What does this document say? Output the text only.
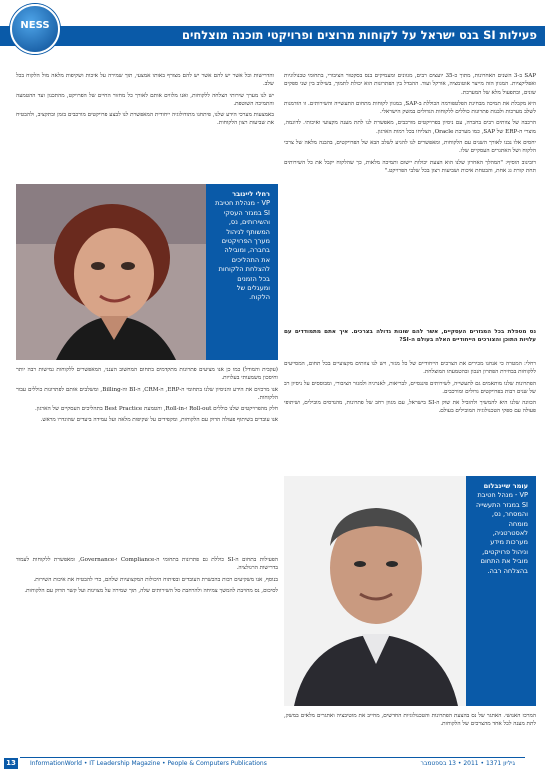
פעילות SI בנס ישראל על לקוחות מרוצים ופרויקטי תוכנה מוצלחים
NESS

SAP ב-3 השנים האחרונות, מתוך כ-35 יועצים רבים, מגוונים ומעמיקים בנס בסקטור הציבורי, בתחומי טכנולוגיות ואפליקציות. המגוון הזה מייצר אוטומציה, אורקל ועוד. ההבדל בין הפתרונות הוא יכולת לתמוך, בשילוב בין שני ספקים שונים, ובתפעול מלא של המערכת.

היא מקבלת את תמיכה מבחינת הפלטפורמה הכוללת ב-SAP, במגוון לקוחות מתחום התעשייה והשירותים. זו הזדמנות לשלב מערכות ולבנות פתרונות כוללים ללקוחות הגדולים במשק הישראלי.

הרכבה של צוותים רבים בחברה, עם ניסיון בפרויקטים מורכבים, מאפשרת לנו לתת מענה מקצועי ואיכותי. לדוגמה, מוצרי ה-ERP של SAP, כמו מערכת Oracle, הצליחו בכל רמות הארגון.

יחסים אלו נבנו לאורך השנים עם הלקוחות, ומאפשרים לנו להגיע לשלב הבא של הפרויקטים, בהבנה מלאה של צרכי הלקוח ושל האתגרים העסקיים שלו.

רובינוב הוסיף: "המהלך האחרון שלנו הוא הצעת יכולות יישום ותמיכה מלאות, כך שהלקוח יקבל את כל השירותים תחת קורת גג אחת, והבטחת איכות ושביעות רצון בכל שלבי הפרויקט."

נס מטפלת בכל המגזרים העסקיים, אשר להם שונות גדולה בצרכים. איך אתם מתמודדים עם עלויות התוכן והצורכים הייחודיים האלה בעולם ה-SI?

רחלי: המטרה כי אנחנו מכירים את הצרכים הייחודיים של כל מגזר, ויש לנו צוותים מקצועיים בכל תחום, המסייעים ללקוחות בבחירת הפתרון הנכון ובהטמעתו המוצלחת.

הפתרונות שלנו מותאמים גם לתעשייה, לשירותים פיננסיים, לבריאות, לאנרגיה ולמגזר הציבורי, ומבוססים על ניסיון רב של שנים רבות בפרויקטים גדולים ומורכבים.

הכוונה שלנו היא להמשיך ולהוביל את שוק ה-SI בישראל, עם מגוון רחב של פתרונות, מהנדסים מובילים, ושיתופי פעולה עם ספקי הטכנולוגיה המובילים בעולם.

והדרישות וכל אשר יש להם אשר יש להם מצורף באותו אמצעי, תוך שמירה על איכות ושקיפות מלאה מול הלקוח בכל שלב.

יש לנו מערך שירותי הצלחה ללקוחות, ואנו מלווים אותם לאורך כל מחזור החיים של הפרויקט, מהתכנון ועד ההטמעה והתמיכה השוטפת.

באמצעות מערכי הידע שלנו, פיתחנו מתודולוגיה ייחודית המאפשרת לנו לבצע פרויקטים מורכבים בזמן ובתקציב, ולהבטיח את שביעות רצון הלקוחות.

רחלי ליינובר
VP - מנהלת חטיבת SI במגזר העסקי והשירותים, נס, המשותף לניהול מערך הפרויקטים בחברה, ומובילה את התהליכים להצלחת הלקוחות בכל הזמנים ומעגלים של הלקוח.

(עקבית והמודל) כמו כן אנו מציעים פתרונות מתקדמים בתחום המחשוב הענני, המאפשרים ללקוחות גמישות רבה יותר וחיסכון משמעותי בעלויות.

אנו מרכזים את הידע והניסיון שלנו בתחומי ה-ERP, ה-CRM, ה-BI וה-Billing, ומשלבים אותם לפתרונות כוללים עבור הלקוחות.

חלק מהפרויקטים שלנו כוללים Roll-out ו-Roll-in, והטמעת Best Practice בתהליכים העסקיים של הארגון.

אנו עובדים בשיתוף פעולה הדוק עם הלקוחות, ומקפידים על שקיפות מלאה ועל עמידה ביעדים שהוגדרו מראש.

הפעילות בתחום ה-SI כוללת גם פתרונות בתחומי ה-Compliance ו-Governance, ומאפשרת ללקוחות לעמוד בדרישות הרגולציה.

בנוסף, אנו משקיעים רבות בהכשרת העובדים ובפיתוח היכולות המקצועיות שלהם, כדי להבטיח את איכות השירות.

לסיכום, נס מחויבת להמשך צמיחה ולהרחבת סל השירותים שלה, תוך שמירה על מצוינות ועל קשר הדוק עם הלקוחות.

עומר שיינבלום
VP - מנהל חטיבת SI במגזר התעשייה והמסחר, נס, מומחה לאסטרטגיה, מערכות מידע וניהול פרויקטים, מוביל את התחום בהצלחה רבה.

המרכז האנושי. האתגר של נס בהצעת הפתרונות והטכנולוגיות החדשים, מחייב את מוטיבציה ואתגרים מלאים במשק, לתת מענה לכל אחד מהצרכים של הלקוחות.

13	InformationWorld • IT Leadership Magazine • People & Computers Publications	גיליון 1371 • 2011 • 13 בספטמבר
